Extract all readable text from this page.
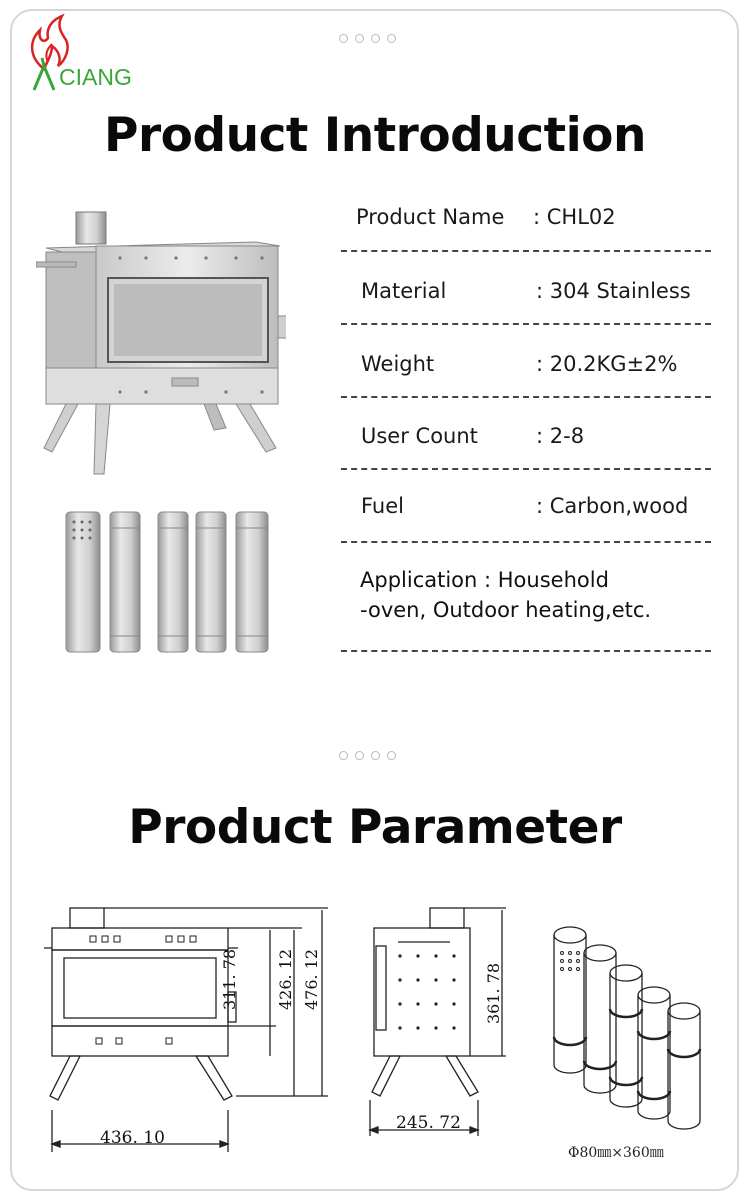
CIANG
Product Introduction
Product Name : CHL02
Material	: 304 Stainless
Weight	: 20.2KG±2%
User Count	: 2-8
Fuel	: Carbon,wood
Application : Household
-oven, Outdoor heating,etc.
Product Parameter
436. 10
311. 78 426. 12 476. 12
245. 72
361. 78
Φ80㎜×360㎜
